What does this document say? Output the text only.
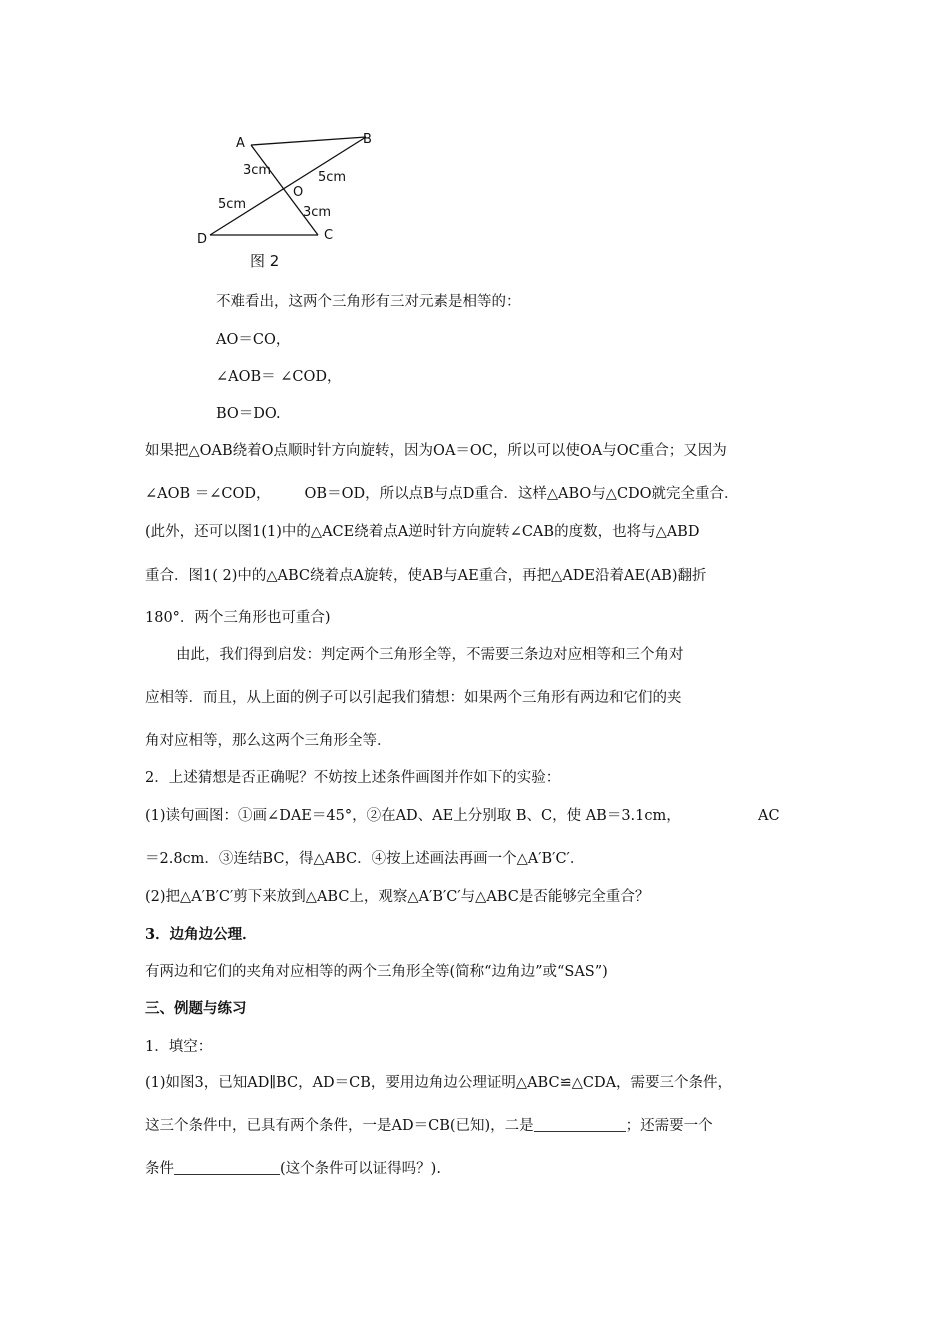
A	B
C
D
O
3cm	5cm
3cm
5cm
图 2
不难看出，这两个三角形有三对元素是相等的：
AO＝CO，
∠AOB＝ ∠COD，
BO＝DO.
如果把△OAB绕着O点顺时针方向旋转，因为OA＝OC，所以可以使OA与OC重合；又因为
∠AOB ＝∠COD， OB＝OD，所以点B与点D重合．这样△ABO与△CDO就完全重合．
(此外，还可以图1(1)中的△ACE绕着点A逆时针方向旋转∠CAB的度数，也将与△ABD
重合．图1( 2)中的△ABC绕着点A旋转，使AB与AE重合，再把△ADE沿着AE(AB)翻折
180°．两个三角形也可重合)
由此，我们得到启发：判定两个三角形全等，不需要三条边对应相等和三个角对
应相等．而且，从上面的例子可以引起我们猜想：如果两个三角形有两边和它们的夹
角对应相等，那么这两个三角形全等．
2．上述猜想是否正确呢？不妨按上述条件画图并作如下的实验：
(1)读句画图：①画∠DAE＝45°，②在AD、AE上分别取 B、C，使 AB＝3.1cm，	AC
＝2.8cm．③连结BC，得△ABC．④按上述画法再画一个△A′B′C′．
(2)把△A′B′C′剪下来放到△ABC上，观察△A′B′C′与△ABC是否能够完全重合？
3．边角边公理．
有两边和它们的夹角对应相等的两个三角形全等(简称“边角边”或“SAS”)
三、例题与练习
1．填空：
(1)如图3，已知AD∥BC，AD＝CB，要用边角边公理证明△ABC≌△CDA，需要三个条件，
这三个条件中，已具有两个条件，一是AD＝CB(已知)，二是	；还需要一个
条件	(这个条件可以证得吗？).
